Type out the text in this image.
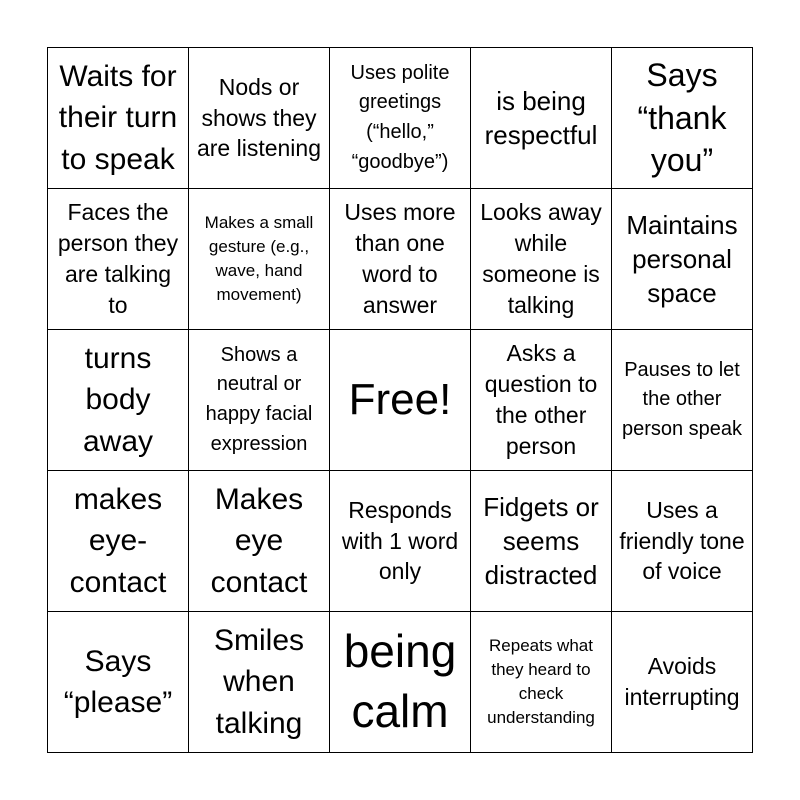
Waits for their turn to speak
Nods or shows they are listening
Uses polite greetings (“hello,” “goodbye”)
is being respectful
Says “thank you”
Faces the person they are talking to
Makes a small gesture (e.g., wave, hand movement)
Uses more than one word to answer
Looks away while someone is talking
Maintains personal space
turns body away
Shows a neutral or happy facial expression
Free!
Asks a question to the other person
Pauses to let the other person speak
makes eye-contact
Makes eye contact
Responds with 1 word only
Fidgets or seems distracted
Uses a friendly tone of voice
Says “please”
Smiles when talking
being calm
Repeats what they heard to check understanding
Avoids interrupting
